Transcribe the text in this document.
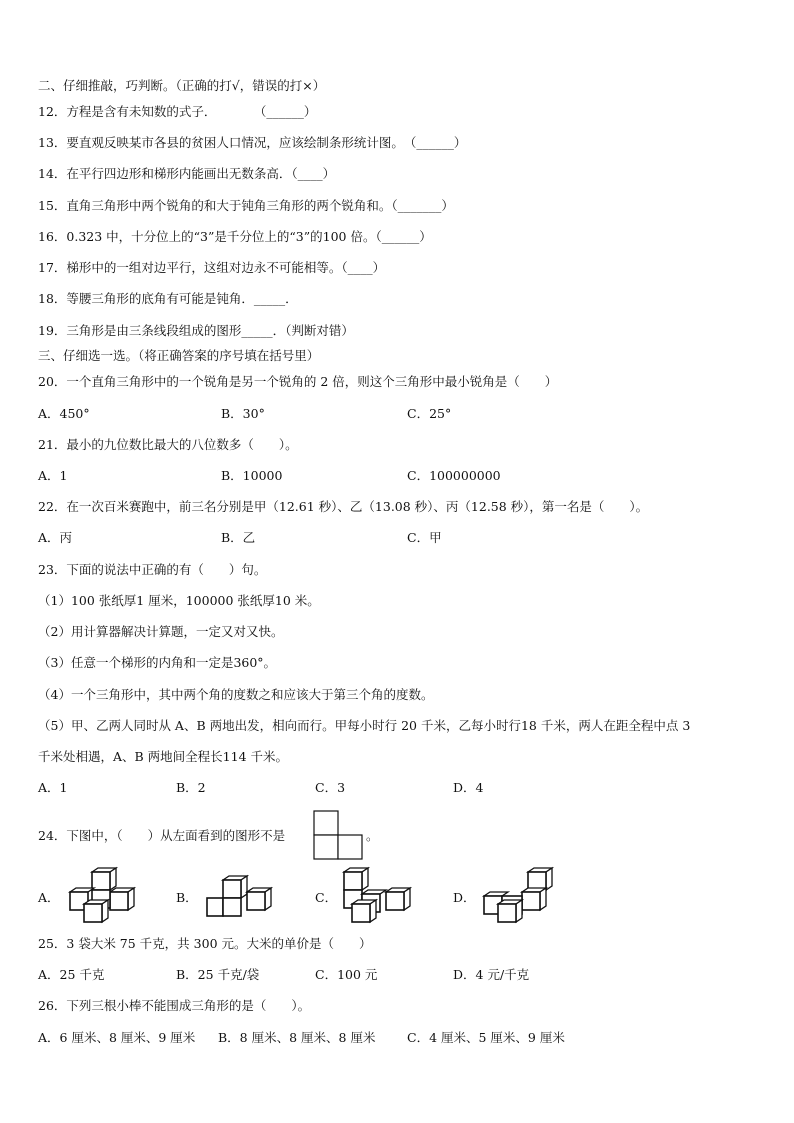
二、仔细推敲，巧判断。（正确的打√，错误的打×）
12．方程是含有未知数的式子．　　　　（______）
13．要直观反映某市各县的贫困人口情况，应该绘制条形统计图。　（______）
14．在平行四边形和梯形内能画出无数条高．（____）
15．直角三角形中两个锐角的和大于钝角三角形的两个锐角和。（_______）
16．0.323 中，十分位上的“3”是千分位上的“3”的100 倍。（______）
17．梯形中的一组对边平行，这组对边永不可能相等。（____）
18．等腰三角形的底角有可能是钝角．_____．
19．三角形是由三条线段组成的图形_____．（判断对错）
三、仔细选一选。（将正确答案的序号填在括号里）
20．一个直角三角形中的一个锐角是另一个锐角的 2 倍，则这个三角形中最小锐角是（　　）
A．450°	B．30°	C．25°
21．最小的九位数比最大的八位数多（　　）。
A．1	B．10000	C．100000000
22．在一次百米赛跑中，前三名分别是甲（12.61 秒）、乙（13.08 秒）、丙（12.58 秒），第一名是（　　）。
A．丙	B．乙	C．甲
23．下面的说法中正确的有（　　）句。
（1）100 张纸厚1 厘米，100000 张纸厚10 米。
（2）用计算器解决计算题，一定又对又快。
（3）任意一个梯形的内角和一定是360°。
（4）一个三角形中，其中两个角的度数之和应该大于第三个角的度数。
（5）甲、乙两人同时从 A、B 两地出发，相向而行。甲每小时行 20 千米，乙每小时行18 千米，两人在距全程中点 3
千米处相遇，A、B 两地间全程长114 千米。
A．1	B．2	C．3	D．4
24．下图中，（　　）从左面看到的图形不是	。
A．	B．	C．	D．
25．3 袋大米 75 千克，共 300 元。大米的单价是（　　）
A．25 千克	B．25 千克/袋	C．100 元	D．4 元/千克
26．下列三根小棒不能围成三角形的是（　　）。
A．6 厘米、8 厘米、9 厘米 B．8 厘米、8 厘米、8 厘米	C．4 厘米、5 厘米、9 厘米
